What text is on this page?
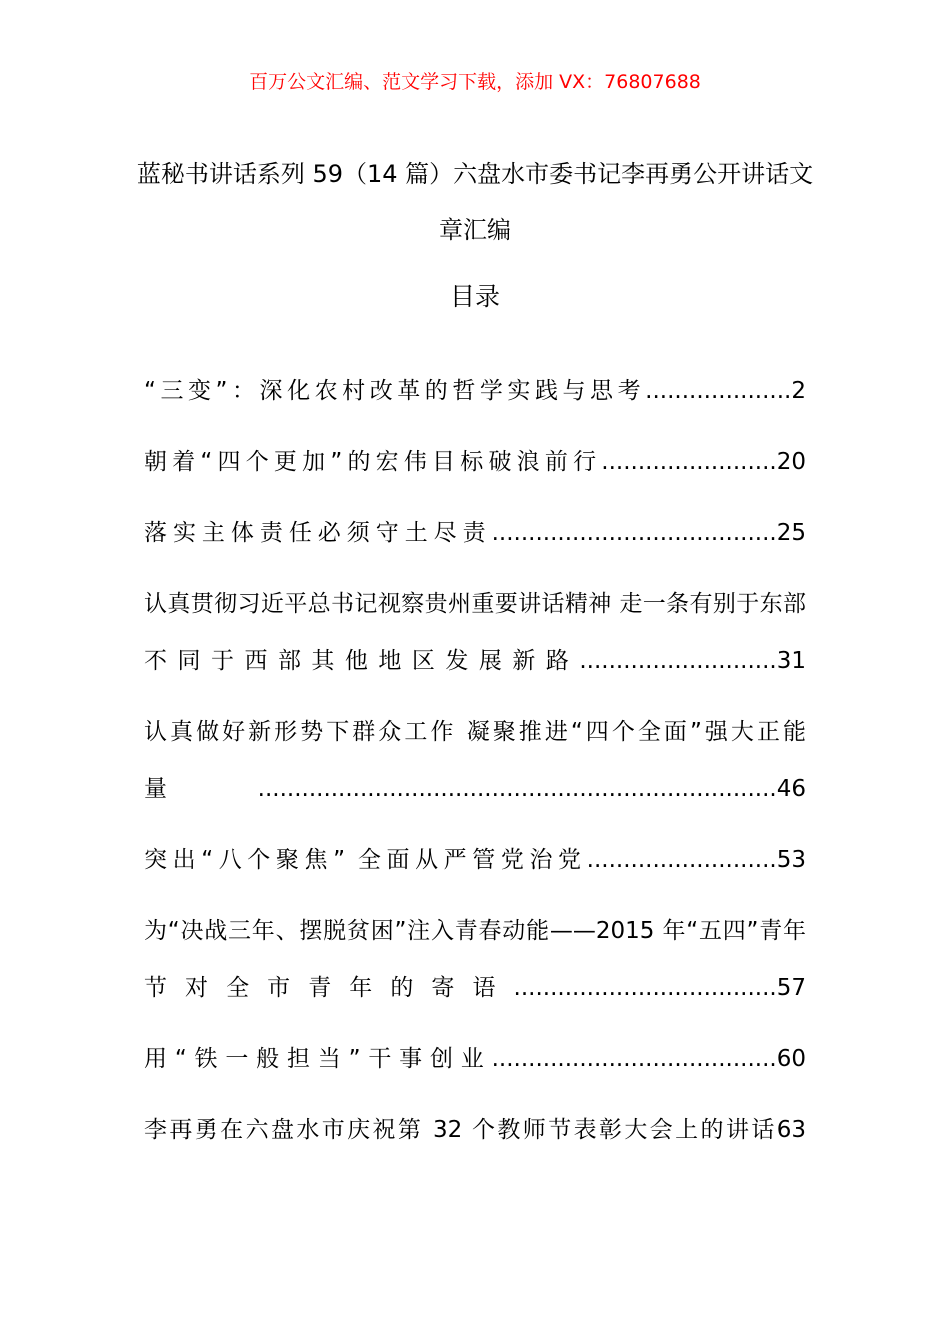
百万公文汇编、范文学习下载，添加 VX：76807688
蓝秘书讲话系列 59（14 篇）六盘水市委书记李再勇公开讲话文章汇编
目录
“三变”：深化农村改革的哲学实践与思考....................2
朝着“四个更加”的宏伟目标破浪前行........................20
落实主体责任必须守土尽责.......................................25
认真贯彻习近平总书记视察贵州重要讲话精神 走一条有别于东部不同于西部其他地区发展新路...........................31
认真做好新形势下群众工作 凝聚推进“四个全面”强大正能量.......................................................................46
突出“八个聚焦” 全面从严管党治党..........................53
为“决战三年、摆脱贫困”注入青春动能——2015 年“五四”青年节对全市青年的寄语....................................57
用“铁一般担当”干事创业.......................................60
李再勇在六盘水市庆祝第 32 个教师节表彰大会上的讲话63
